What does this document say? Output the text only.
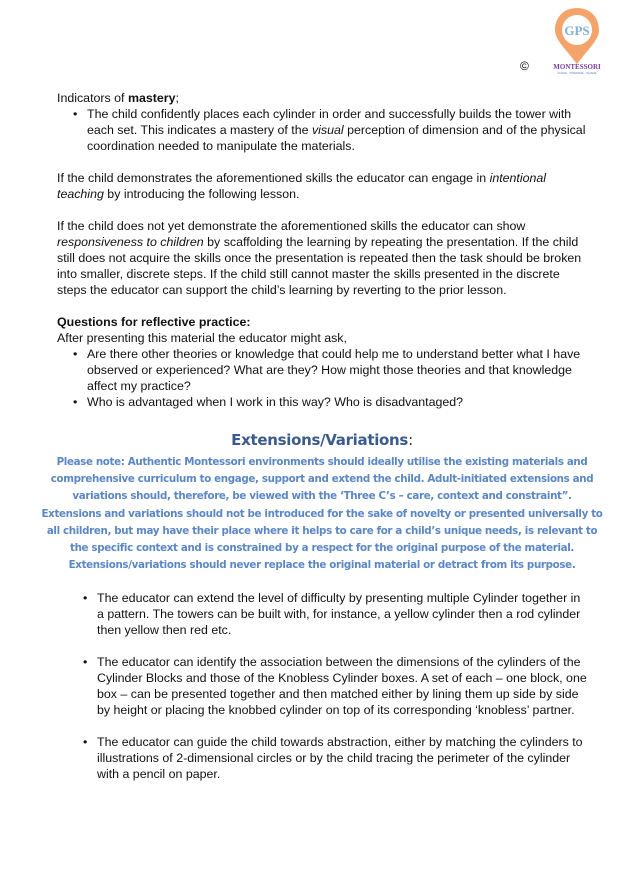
GPS
MONTESSORI
GUIDE · PREPARE · SHARE
©

Indicators of mastery;

• The child confidently places each cylinder in order and successfully builds the tower with each set. This indicates a mastery of the visual perception of dimension and of the physical coordination needed to manipulate the materials.

If the child demonstrates the aforementioned skills the educator can engage in intentional teaching by introducing the following lesson.

If the child does not yet demonstrate the aforementioned skills the educator can show responsiveness to children by scaffolding the learning by repeating the presentation. If the child still does not acquire the skills once the presentation is repeated then the task should be broken into smaller, discrete steps. If the child still cannot master the skills presented in the discrete steps the educator can support the child’s learning by reverting to the prior lesson.

Questions for reflective practice:

After presenting this material the educator might ask,

• Are there other theories or knowledge that could help me to understand better what I have observed or experienced? What are they? How might those theories and that knowledge affect my practice?
• Who is advantaged when I work in this way? Who is disadvantaged?
Extensions/Variations:

Please note: Authentic Montessori environments should ideally utilise the existing materials and comprehensive curriculum to engage, support and extend the child. Adult-initiated extensions and variations should, therefore, be viewed with the ‘Three C’s – care, context and constraint”. Extensions and variations should not be introduced for the sake of novelty or presented universally to all children, but may have their place where it helps to care for a child’s unique needs, is relevant to the specific context and is constrained by a respect for the original purpose of the material. Extensions/variations should never replace the original material or detract from its purpose.

• The educator can extend the level of difficulty by presenting multiple Cylinder together in a pattern. The towers can be built with, for instance, a yellow cylinder then a rod cylinder then yellow then red etc.
• The educator can identify the association between the dimensions of the cylinders of the Cylinder Blocks and those of the Knobless Cylinder boxes. A set of each – one block, one box – can be presented together and then matched either by lining them up side by side by height or placing the knobbed cylinder on top of its corresponding ‘knobless’ partner.
• The educator can guide the child towards abstraction, either by matching the cylinders to illustrations of 2-dimensional circles or by the child tracing the perimeter of the cylinder with a pencil on paper.
